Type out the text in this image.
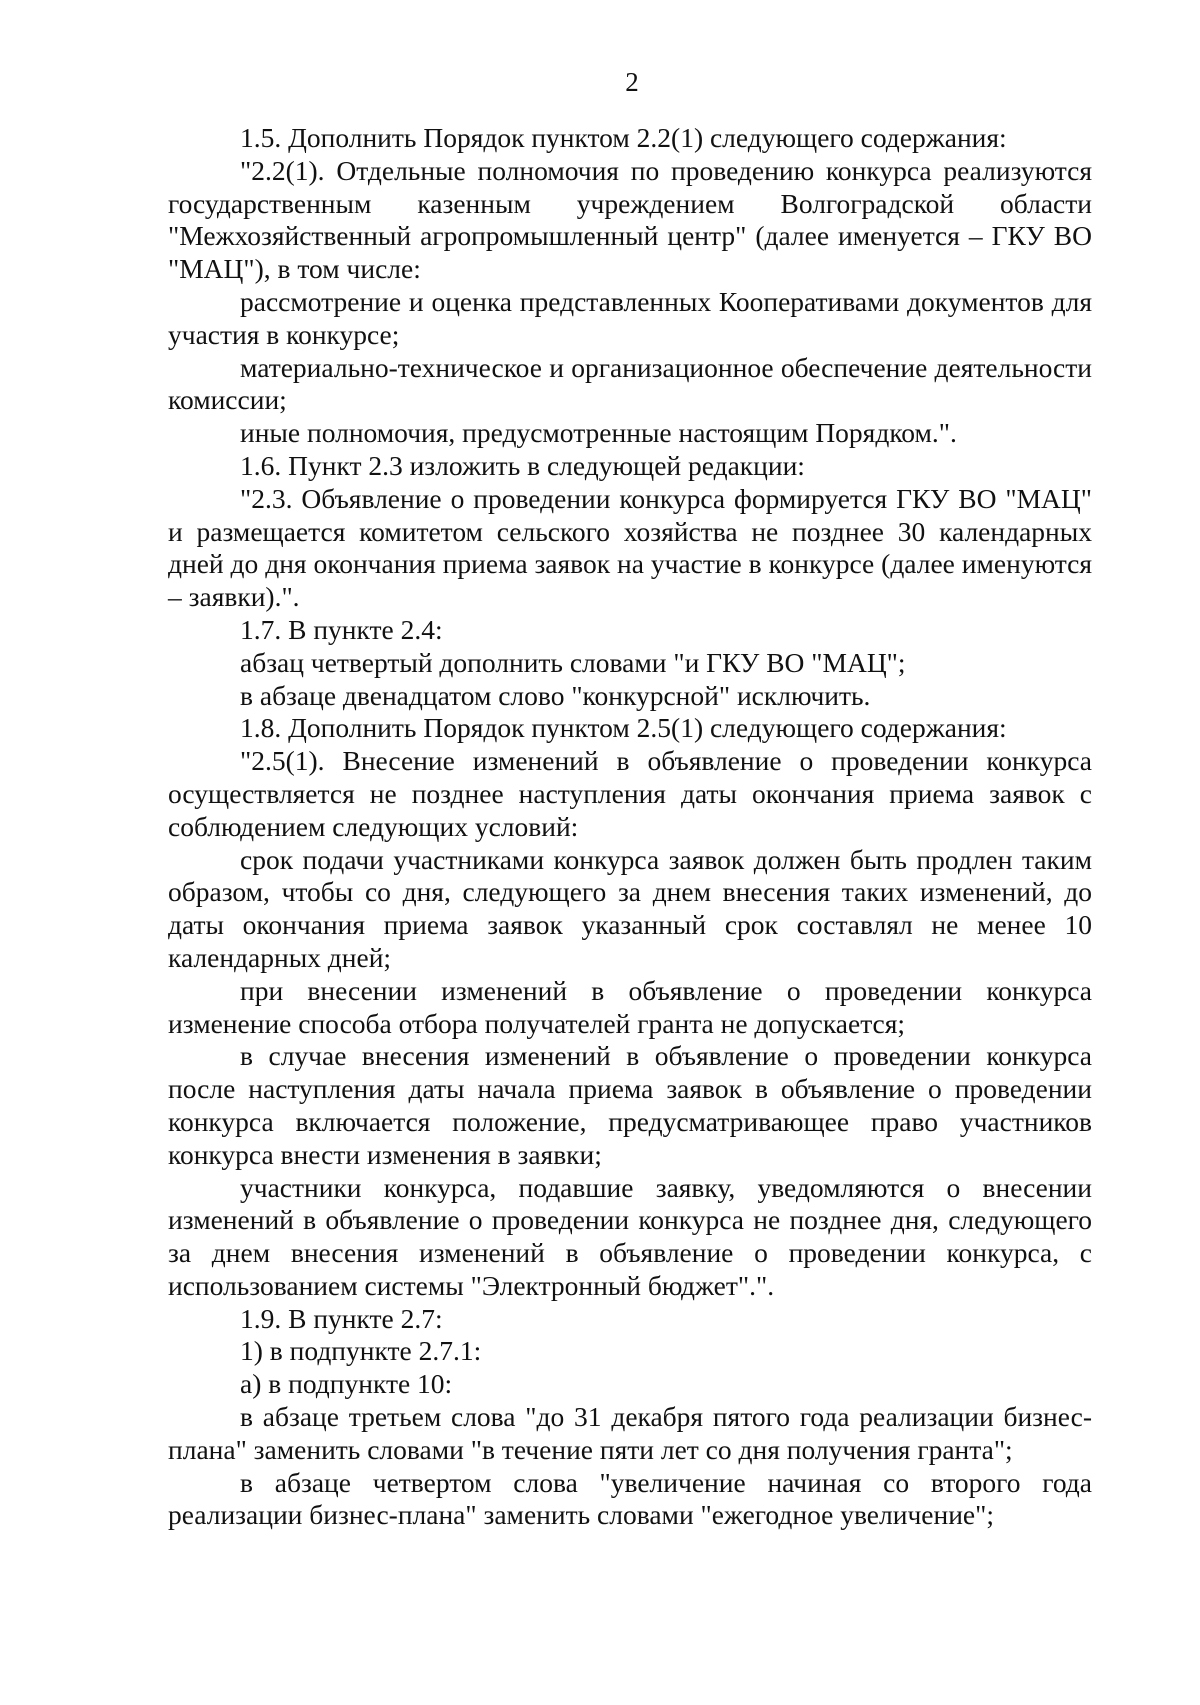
2

1.5. Дополнить Порядок пунктом 2.2(1) следующего содержания:

"2.2(1). Отдельные полномочия по проведению конкурса реализуются государственным казенным учреждением Волгоградской области "Межхозяйственный агропромышленный центр" (далее именуется – ГКУ ВО "МАЦ"), в том числе:

рассмотрение и оценка представленных Кооперативами документов для участия в конкурсе;

материально-техническое и организационное обеспечение деятельности комиссии;

иные полномочия, предусмотренные настоящим Порядком.".

1.6. Пункт 2.3 изложить в следующей редакции:

"2.3. Объявление о проведении конкурса формируется ГКУ ВО "МАЦ" и размещается комитетом сельского хозяйства не позднее 30 календарных дней до дня окончания приема заявок на участие в конкурсе (далее именуются – заявки).".

1.7. В пункте 2.4:

абзац четвертый дополнить словами "и ГКУ ВО "МАЦ";

в абзаце двенадцатом слово "конкурсной" исключить.

1.8. Дополнить Порядок пунктом 2.5(1) следующего содержания:

"2.5(1). Внесение изменений в объявление о проведении конкурса осуществляется не позднее наступления даты окончания приема заявок с соблюдением следующих условий:

срок подачи участниками конкурса заявок должен быть продлен таким образом, чтобы со дня, следующего за днем внесения таких изменений, до даты окончания приема заявок указанный срок составлял не менее 10 календарных дней;

при внесении изменений в объявление о проведении конкурса изменение способа отбора получателей гранта не допускается;

в случае внесения изменений в объявление о проведении конкурса после наступления даты начала приема заявок в объявление о проведении конкурса включается положение, предусматривающее право участников конкурса внести изменения в заявки;

участники конкурса, подавшие заявку, уведомляются о внесении изменений в объявление о проведении конкурса не позднее дня, следующего за днем внесения изменений в объявление о проведении конкурса, с использованием системы "Электронный бюджет".".

1.9. В пункте 2.7:

1) в подпункте 2.7.1:

а) в подпункте 10:

в абзаце третьем слова "до 31 декабря пятого года реализации бизнес-плана" заменить словами "в течение пяти лет со дня получения гранта";

в абзаце четвертом слова "увеличение начиная со второго года реализации бизнес-плана" заменить словами "ежегодное увеличение";
